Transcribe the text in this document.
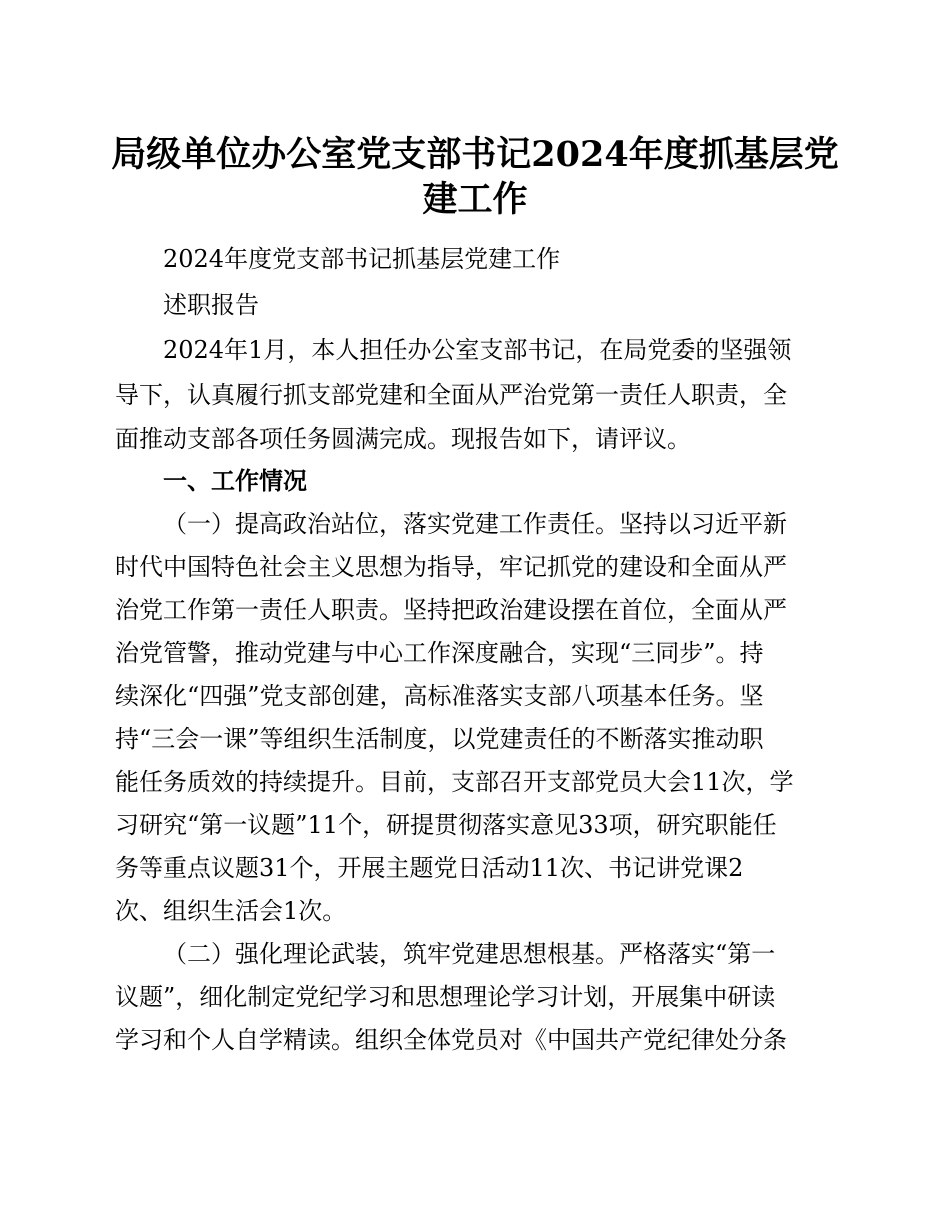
局级单位办公室党支部书记2024年度抓基层党
建工作
2024年度党支部书记抓基层党建工作
述职报告
2024年1月，本人担任办公室支部书记，在局党委的坚强领
导下，认真履行抓支部党建和全面从严治党第一责任人职责，全
面推动支部各项任务圆满完成。现报告如下，请评议。
一、工作情况
（一）提高政治站位，落实党建工作责任。坚持以习近平新
时代中国特色社会主义思想为指导，牢记抓党的建设和全面从严
治党工作第一责任人职责。坚持把政治建设摆在首位，全面从严
治党管警，推动党建与中心工作深度融合，实现“三同步”。持
续深化“四强”党支部创建，高标准落实支部八项基本任务。坚
持“三会一课”等组织生活制度，以党建责任的不断落实推动职
能任务质效的持续提升。目前，支部召开支部党员大会11次，学
习研究“第一议题”11个，研提贯彻落实意见33项，研究职能任
务等重点议题31个，开展主题党日活动11次、书记讲党课2
次、组织生活会1次。
（二）强化理论武装，筑牢党建思想根基。严格落实“第一
议题”，细化制定党纪学习和思想理论学习计划，开展集中研读
学习和个人自学精读。组织全体党员对《中国共产党纪律处分条
